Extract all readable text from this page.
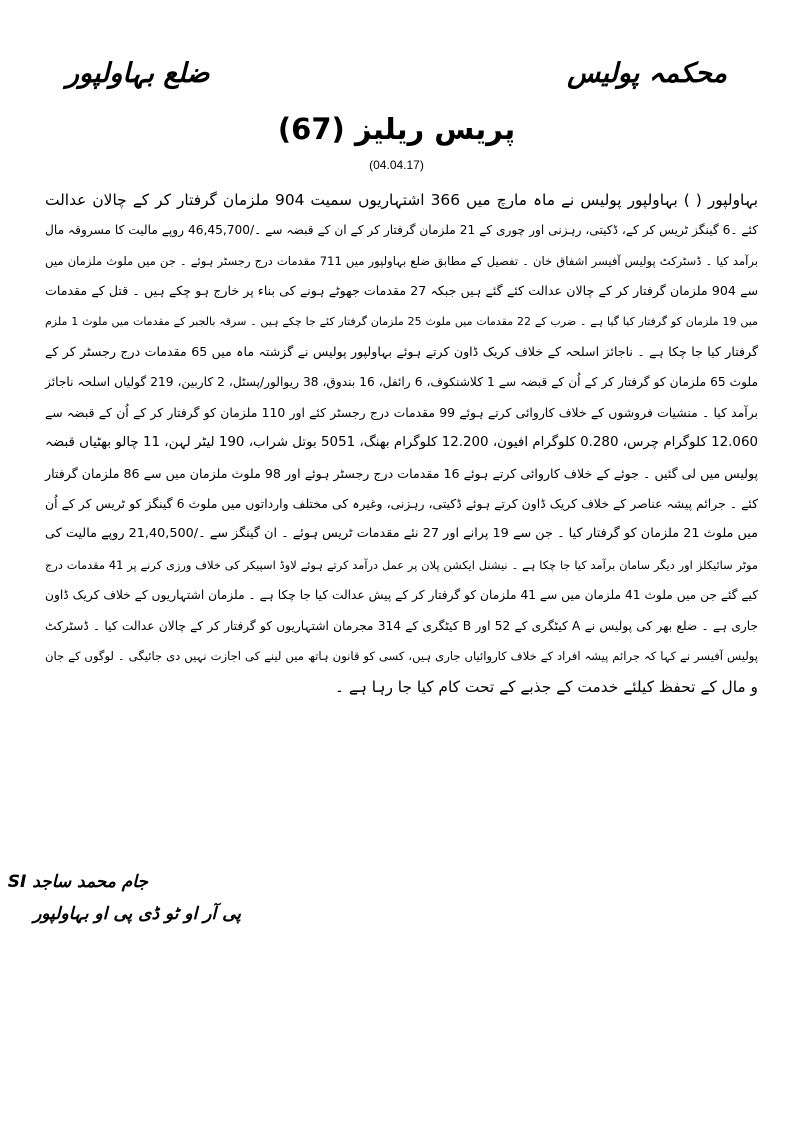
محکمہ پولیس
ضلع بہاولپور
پریس ریلیز (67)
(04.04.17)
بہاولپور ( ) بہاولپور پولیس نے ماہ مارچ میں 366 اشتہاریوں سمیت 904 ملزمان گرفتار کر کے چالان عدالت
کئے ۔6 گینگز ٹریس کر کے، ڈکیتی، رہزنی اور چوری کے 21 ملزمان گرفتار کر کے ان کے قبضہ سے ۔/46,45,700 روپے مالیت کا مسروقہ مال
برآمد کیا ۔ ڈسٹرکٹ پولیس آفیسر اشفاق خان ۔ تفصیل کے مطابق ضلع بہاولپور میں 711 مقدمات درج رجسٹر ہوئے ۔ جن میں ملوث ملزمان میں
سے 904 ملزمان گرفتار کر کے چالان عدالت کئے گئے ہیں جبکہ 27 مقدمات جھوٹے ہونے کی بناء پر خارج ہو چکے ہیں ۔ قتل کے مقدمات
میں 19 ملزمان کو گرفتار کیا گیا ہے ۔ ضرب کے 22 مقدمات میں ملوث 25 ملزمان گرفتار کئے جا چکے ہیں ۔ سرقہ بالجبر کے مقدمات میں ملوث 1 ملزم
گرفتار کیا جا چکا ہے ۔ ناجائز اسلحہ کے خلاف کریک ڈاون کرتے ہوئے بہاولپور پولیس نے گزشتہ ماہ میں 65 مقدمات درج رجسٹر کر کے
ملوث 65 ملزمان کو گرفتار کر کے اُن کے قبضہ سے 1 کلاشنکوف، 6 رائفل، 16 بندوق، 38 ریوالور/پسٹل، 2 کاربین، 219 گولیاں اسلحہ ناجائز
برآمد کیا ۔ منشیات فروشوں کے خلاف کاروائی کرتے ہوئے 99 مقدمات درج رجسٹر کئے اور 110 ملزمان کو گرفتار کر کے اُن کے قبضہ سے
12.060 کلوگرام چرس، 0.280 کلوگرام افیون، 12.200 کلوگرام بھنگ، 5051 بوتل شراب، 190 لیٹر لہن، 11 چالو بھٹیاں قبضہ
پولیس میں لی گئیں ۔ جوئے کے خلاف کاروائی کرتے ہوئے 16 مقدمات درج رجسٹر ہوئے اور 98 ملوث ملزمان میں سے 86 ملزمان گرفتار
کئے ۔ جرائم پیشہ عناصر کے خلاف کریک ڈاون کرتے ہوئے ڈکیتی، رہزنی، وغیرہ کی مختلف وارداتوں میں ملوث 6 گینگز کو ٹریس کر کے اُن
میں ملوث 21 ملزمان کو گرفتار کیا ۔ جن سے 19 پرانے اور 27 نئے مقدمات ٹریس ہوئے ۔ ان گینگز سے ۔/21,40,500 روپے مالیت کی
موٹر سائیکلز اور دیگر سامان برآمد کیا جا چکا ہے ۔ نیشنل ایکشن پلان پر عمل درآمد کرتے ہوئے لاوڈ اسپیکر کی خلاف ورزی کرنے پر 41 مقدمات درج
کیے گئے جن میں ملوث 41 ملزمان میں سے 41 ملزمان کو گرفتار کر کے پیش عدالت کیا جا چکا ہے ۔ ملزمان اشتہاریوں کے خلاف کریک ڈاون
جاری ہے ۔ ضلع بھر کی پولیس نے A کیٹگری کے 52 اور B کیٹگری کے 314 مجرمان اشتہاریوں کو گرفتار کر کے چالان عدالت کیا ۔ ڈسٹرکٹ
پولیس آفیسر نے کہا کہ جرائم پیشہ افراد کے خلاف کاروائیاں جاری ہیں، کسی کو قانون ہاتھ میں لینے کی اجازت نہیں دی جائیگی ۔ لوگوں کے جان
و مال کے تحفظ کیلئے خدمت کے جذبے کے تحت کام کیا جا رہا ہے ۔
جام محمد ساجد SI
پی آر او ٹو ڈی پی او بہاولپور
